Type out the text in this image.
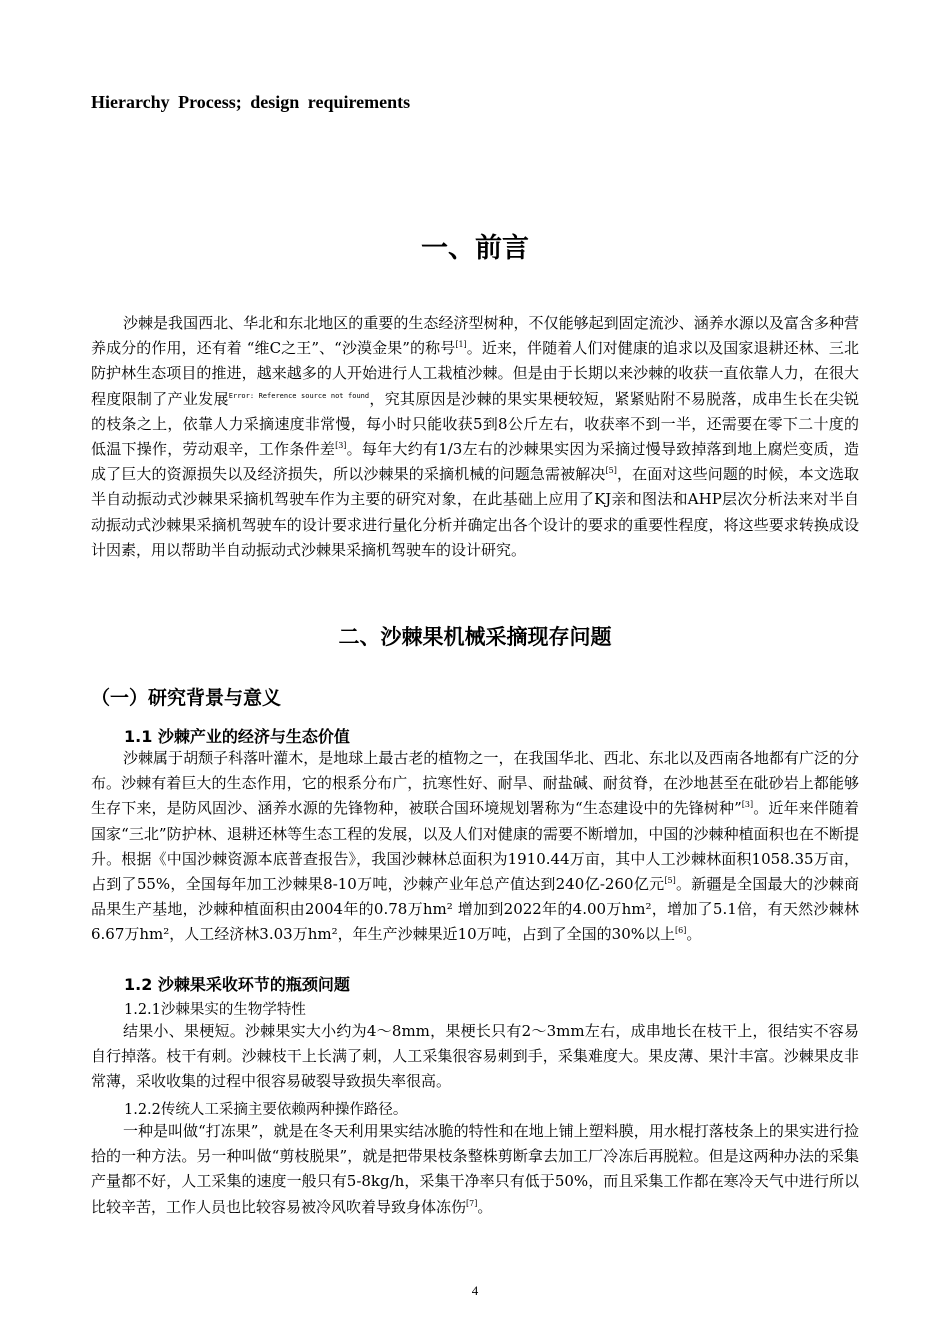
Hierarchy Process; design requirements
一、前言

沙棘是我国西北、华北和东北地区的重要的生态经济型树种，不仅能够起到固定流沙、涵养水源以及富含多种营养成分的作用，还有着 “维C之王”、“沙漠金果”的称号[1]。近来，伴随着人们对健康的追求以及国家退耕还林、三北防护林生态项目的推进，越来越多的人开始进行人工栽植沙棘。但是由于长期以来沙棘的收获一直依靠人力，在很大程度限制了产业发展$^{Error: Reference source not found}$，究其原因是沙棘的果实果梗较短，紧紧贴附不易脱落，成串生长在尖锐的枝条之上，依靠人力采摘速度非常慢，每小时只能收获5到8公斤左右，收获率不到一半，还需要在零下二十度的低温下操作，劳动艰辛，工作条件差[3]。每年大约有1/3左右的沙棘果实因为采摘过慢导致掉落到地上腐烂变质，造成了巨大的资源损失以及经济损失，所以沙棘果的采摘机械的问题急需被解决[5]，在面对这些问题的时候，本文选取半自动振动式沙棘果采摘机驾驶车作为主要的研究对象，在此基础上应用了KJ亲和图法和AHP层次分析法来对半自动振动式沙棘果采摘机驾驶车的设计要求进行量化分析并确定出各个设计的要求的重要性程度，将这些要求转换成设计因素，用以帮助半自动振动式沙棘果采摘机驾驶车的设计研究。

二、沙棘果机械采摘现存问题
（一）研究背景与意义
1.1 沙棘产业的经济与生态价值

沙棘属于胡颓子科落叶灌木，是地球上最古老的植物之一，在我国华北、西北、东北以及西南各地都有广泛的分布。沙棘有着巨大的生态作用，它的根系分布广，抗寒性好、耐旱、耐盐碱、耐贫脊，在沙地甚至在砒砂岩上都能够生存下来，是防风固沙、涵养水源的先锋物种，被联合国环境规划署称为“生态建设中的先锋树种”[3]。近年来伴随着国家“三北”防护林、退耕还林等生态工程的发展，以及人们对健康的需要不断增加，中国的沙棘种植面积也在不断提升。根据《中国沙棘资源本底普查报告》，我国沙棘林总面积为1910.44万亩，其中人工沙棘林面积1058.35万亩，占到了55%，全国每年加工沙棘果8-10万吨，沙棘产业年总产值达到240亿-260亿元[5]。新疆是全国最大的沙棘商品果生产基地，沙棘种植面积由2004年的0.78万hm² 增加到2022年的4.00万hm²，增加了5.1倍，有天然沙棘林6.67万hm²，人工经济林3.03万hm²，年生产沙棘果近10万吨，占到了全国的30%以上[6]。

1.2 沙棘果采收环节的瓶颈问题
1.2.1沙棘果实的生物学特性

结果小、果梗短。沙棘果实大小约为4～8mm，果梗长只有2～3mm左右，成串地长在枝干上，很结实不容易自行掉落。枝干有刺。沙棘枝干上长满了刺，人工采集很容易刺到手，采集难度大。果皮薄、果汁丰富。沙棘果皮非常薄，采收收集的过程中很容易破裂导致损失率很高。

1.2.2传统人工采摘主要依赖两种操作路径。

一种是叫做“打冻果”，就是在冬天利用果实结冰脆的特性和在地上铺上塑料膜，用水棍打落枝条上的果实进行捡拾的一种方法。另一种叫做“剪枝脱果”，就是把带果枝条整株剪断拿去加工厂冷冻后再脱粒。但是这两种办法的采集产量都不好，人工采集的速度一般只有5-8kg/h，采集干净率只有低于50%，而且采集工作都在寒冷天气中进行所以比较辛苦，工作人员也比较容易被冷风吹着导致身体冻伤[7]。

4
